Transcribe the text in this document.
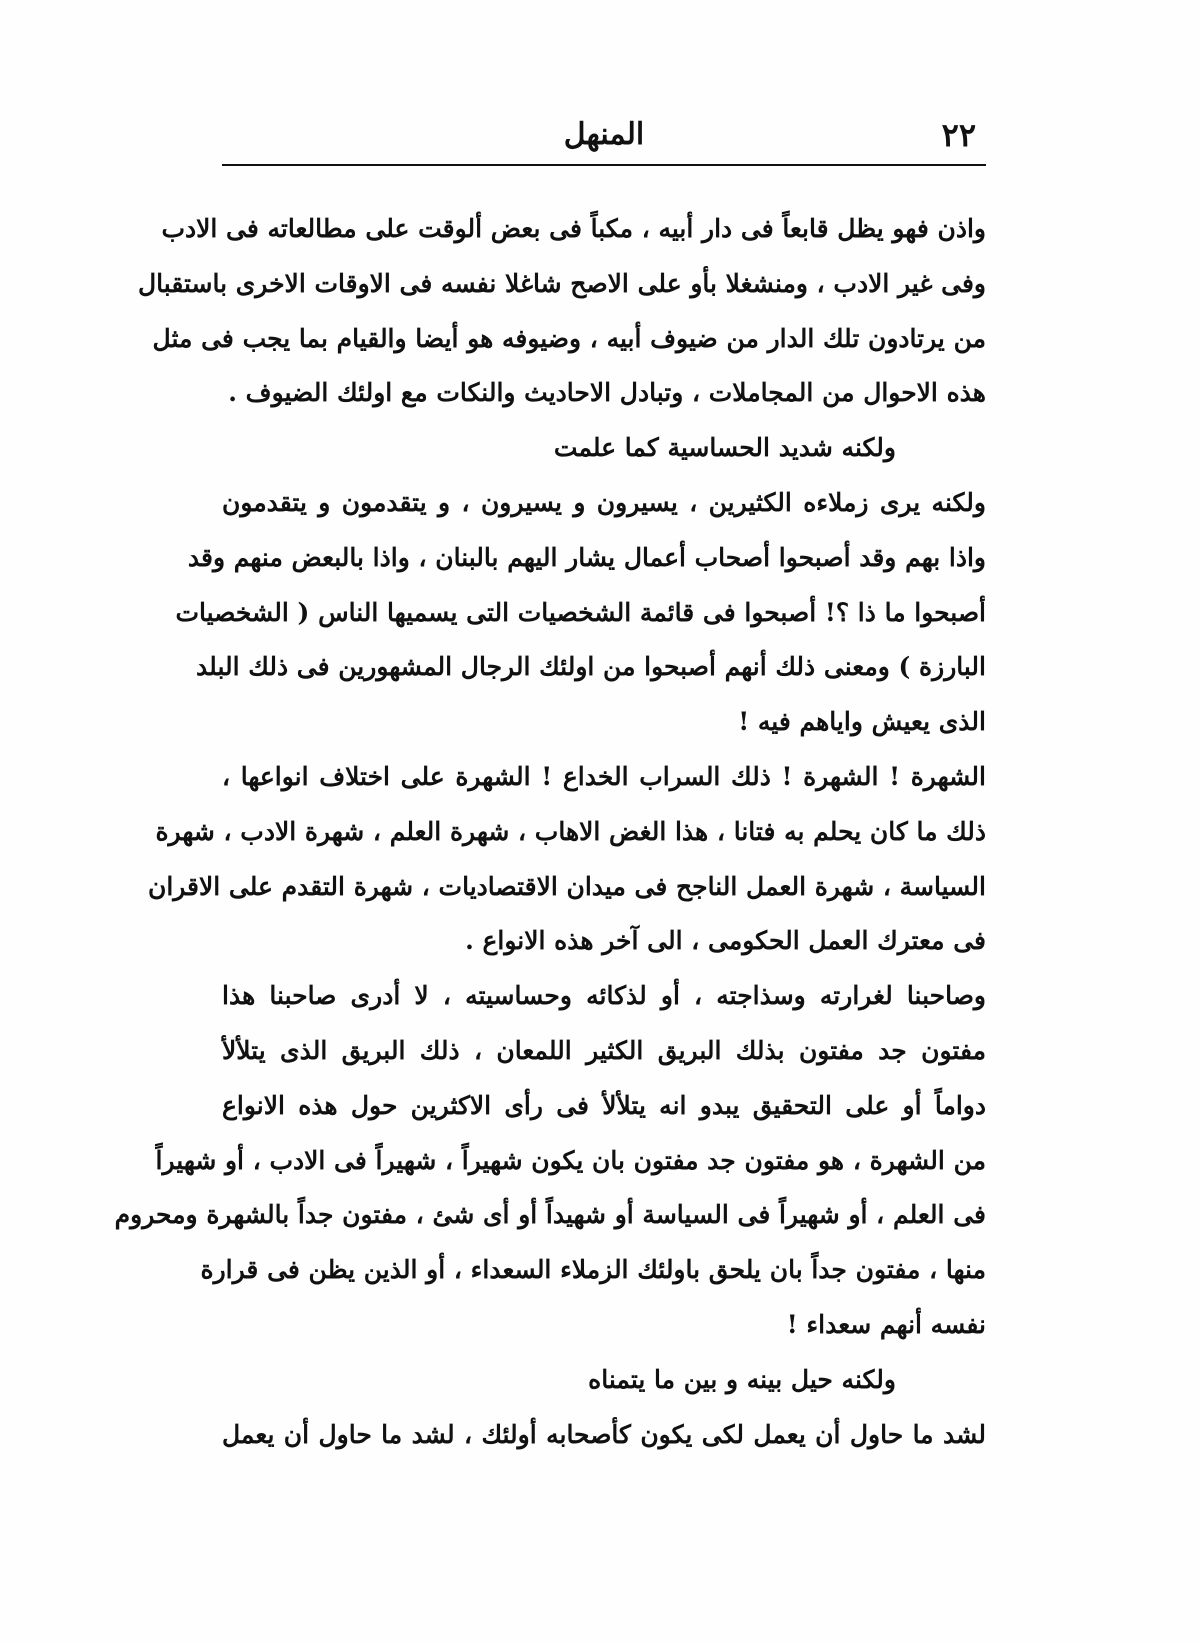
٢٢
المنهل
واذن فهو يظل قابعاً فى دار أبيه ، مكباً فى بعض ألوقت على مطالعاته فى الادب
وفى غير الادب ، ومنشغلا بأو على الاصح شاغلا نفسه فى الاوقات الاخرى باستقبال
من يرتادون تلك الدار من ضيوف أبيه ، وضيوفه هو أيضا والقيام بما يجب فى مثل
هذه الاحوال من المجاملات ، وتبادل الاحاديث والنكات مع اولئك الضيوف .
ولكنه شديد الحساسية كما علمت
ولكنه يرى زملاءه الكثيرين ، يسيرون و يسيرون ، و يتقدمون و يتقدمون
واذا بهم وقد أصبحوا أصحاب أعمال يشار اليهم بالبنان ، واذا بالبعض منهم وقد
أصبحوا ما ذا ؟! أصبحوا فى قائمة الشخصيات التى يسميها الناس ( الشخصيات
البارزة ) ومعنى ذلك أنهم أصبحوا من اولئك الرجال المشهورين فى ذلك البلد
الذى يعيش واياهم فيه !
الشهرة ! الشهرة ! ذلك السراب الخداع ! الشهرة على اختلاف انواعها ،
ذلك ما كان يحلم به فتانا ، هذا الغض الاهاب ، شهرة العلم ، شهرة الادب ، شهرة
السياسة ، شهرة العمل الناجح فى ميدان الاقتصاديات ، شهرة التقدم على الاقران
فى معترك العمل الحكومى ، الى آخر هذه الانواع .
وصاحبنا لغرارته وسذاجته ، أو لذكائه وحساسيته ، لا أدرى صاحبنا هذا
مفتون جد مفتون بذلك البريق الكثير اللمعان ، ذلك البريق الذى يتلألأ
دواماً أو على التحقيق يبدو انه يتلألأ فى رأى الاكثرين حول هذه الانواع
من الشهرة ، هو مفتون جد مفتون بان يكون شهيراً ، شهيراً فى الادب ، أو شهيراً
فى العلم ، أو شهيراً فى السياسة أو شهيداً أو أى شئ ، مفتون جداً بالشهرة ومحروم
منها ، مفتون جداً بان يلحق باولئك الزملاء السعداء ، أو الذين يظن فى قرارة
نفسه أنهم سعداء !
ولكنه حيل بينه و بين ما يتمناه
لشد ما حاول أن يعمل لكى يكون كأصحابه أولئك ، لشد ما حاول أن يعمل
